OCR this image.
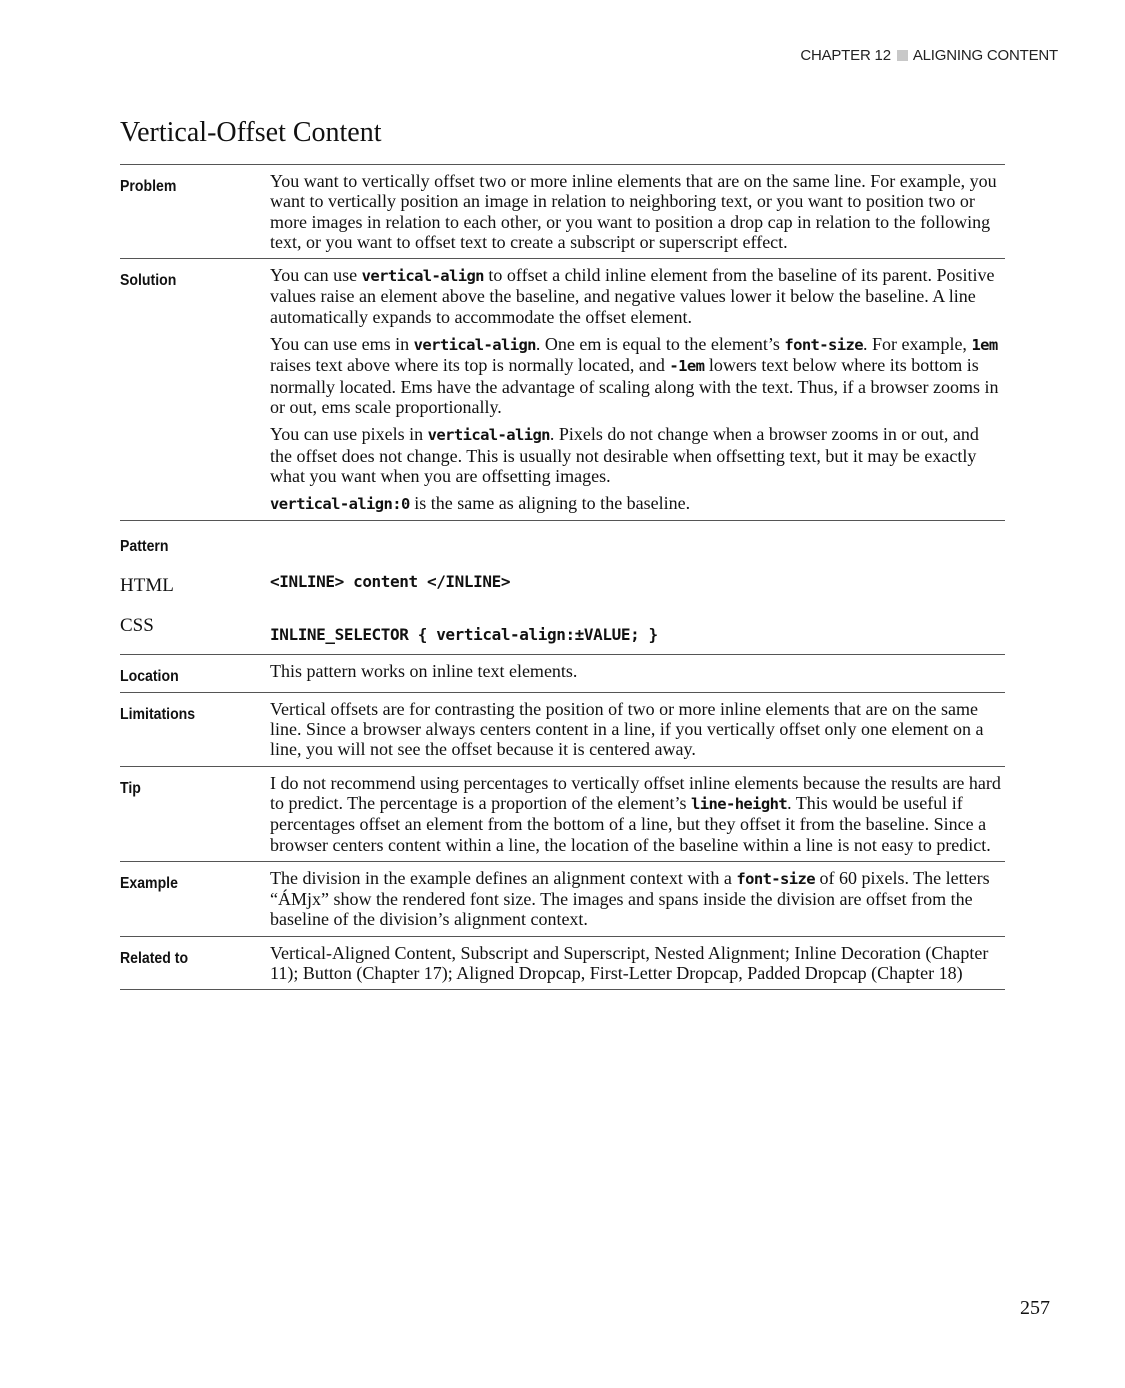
CHAPTER 12 ALIGNING CONTENT
Vertical-Offset Content
Problem	You want to vertically offset two or more inline elements that are on the same line. For example, you want to vertically position an image in relation to neighboring text, or you want to position two or more images in relation to each other, or you want to position a drop cap in relation to the following text, or you want to offset text to create a subscript or superscript effect.

Solution	You can use vertical-align to offset a child inline element from the baseline of its parent. Positive values raise an element above the baseline, and negative values lower it below the baseline. A line automatically expands to accommodate the offset element.

You can use ems in vertical-align. One em is equal to the element’s font-size. For example, 1em raises text above where its top is normally located, and -1em lowers text below where its bottom is normally located. Ems have the advantage of scaling along with the text. Thus, if a browser zooms in or out, ems scale proportionally.

You can use pixels in vertical-align. Pixels do not change when a browser zooms in or out, and the offset does not change. This is usually not desirable when offsetting text, but it may be exactly what you want when you are offsetting images.

vertical-align:0 is the same as aligning to the baseline.

Pattern
HTML	<INLINE> content </INLINE>
CSS	INLINE_SELECTOR { vertical-align:±VALUE; }
Location	This pattern works on inline text elements.

Limitations	Vertical offsets are for contrasting the position of two or more inline elements that are on the same line. Since a browser always centers content in a line, if you vertically offset only one element on a line, you will not see the offset because it is centered away.

Tip	I do not recommend using percentages to vertically offset inline elements because the results are hard to predict. The percentage is a proportion of the element’s line-height. This would be useful if percentages offset an element from the bottom of a line, but they offset it from the baseline. Since a browser centers content within a line, the location of the baseline within a line is not easy to predict.

Example	The division in the example defines an alignment context with a font-size of 60 pixels. The letters “ÁMjx” show the rendered font size. The images and spans inside the division are offset from the baseline of the division’s alignment context.

Related to	Vertical-Aligned Content, Subscript and Superscript, Nested Alignment; Inline Decoration (Chapter 11); Button (Chapter 17); Aligned Dropcap, First-Letter Dropcap, Padded Dropcap (Chapter 18)

257
